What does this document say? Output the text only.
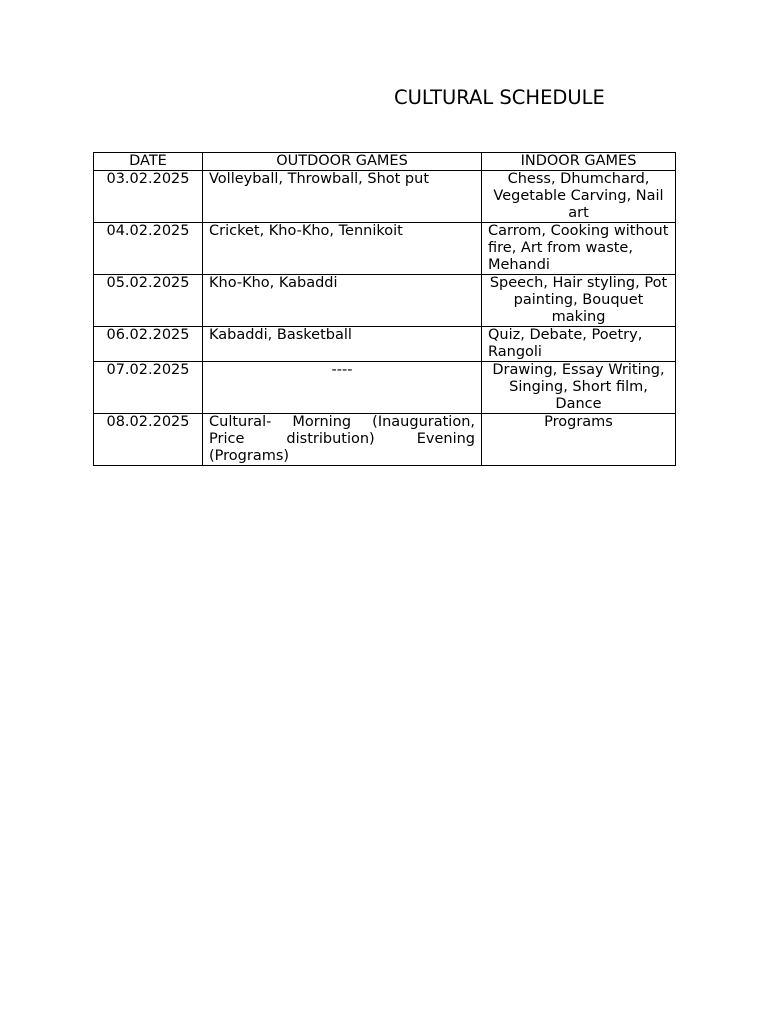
CULTURAL SCHEDULE
DATE	OUTDOOR GAMES	INDOOR GAMES
03.02.2025	Volleyball, Throwball, Shot put	Chess, Dhumchard, Vegetable Carving, Nail art
04.02.2025	Cricket, Kho-Kho, Tennikoit	Carrom, Cooking without fire, Art from waste, Mehandi
05.02.2025	Kho-Kho, Kabaddi	Speech, Hair styling, Pot painting, Bouquet making
06.02.2025	Kabaddi, Basketball	Quiz, Debate, Poetry, Rangoli
07.02.2025	----	Drawing, Essay Writing, Singing, Short film, Dance
08.02.2025	Cultural- Morning (Inauguration, Price distribution) Evening (Programs)	Programs
